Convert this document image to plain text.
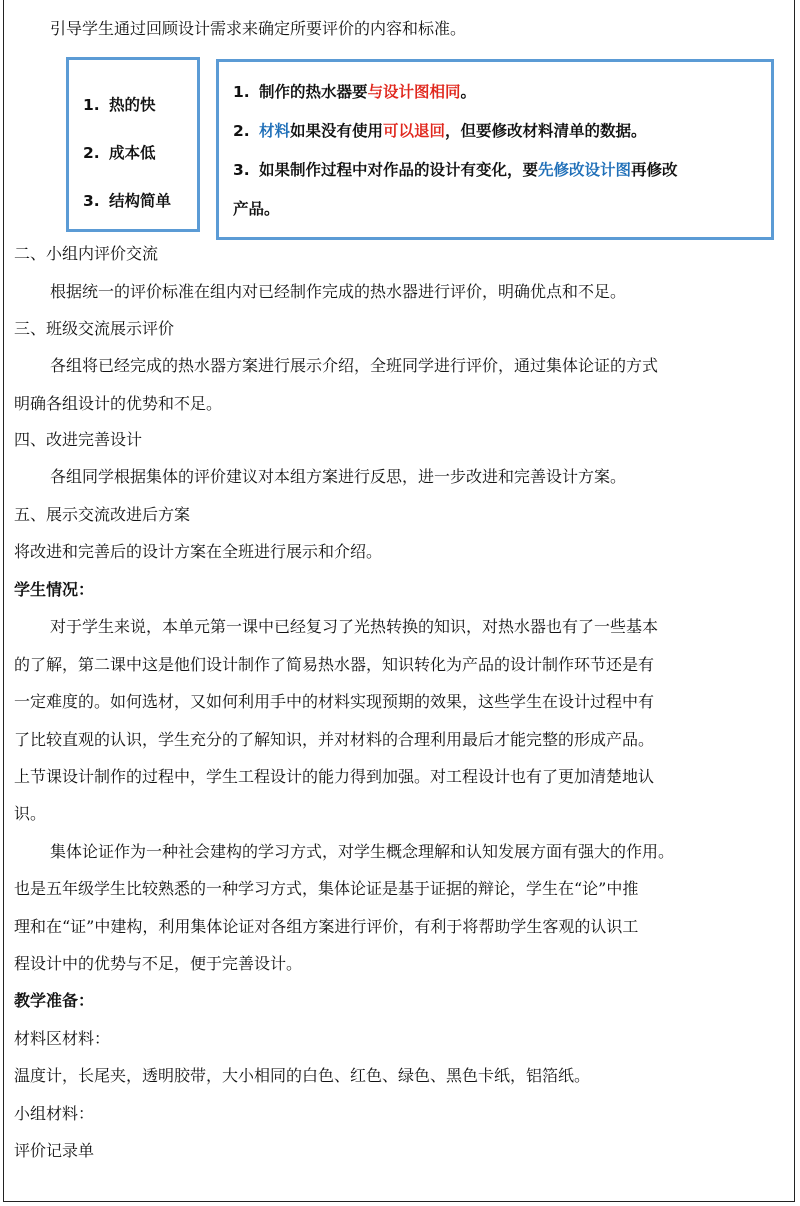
引导学生通过回顾设计需求来确定所要评价的内容和标准。
1. 热的快
2. 成本低
3. 结构简单
1. 制作的热水器要与设计图相同。
2. 材料如果没有使用可以退回，但要修改材料清单的数据。
3. 如果制作过程中对作品的设计有变化，要先修改设计图再修改
产品。
二、小组内评价交流
根据统一的评价标准在组内对已经制作完成的热水器进行评价，明确优点和不足。
三、班级交流展示评价
各组将已经完成的热水器方案进行展示介绍，全班同学进行评价，通过集体论证的方式
明确各组设计的优势和不足。
四、改进完善设计
各组同学根据集体的评价建议对本组方案进行反思，进一步改进和完善设计方案。
五、展示交流改进后方案
将改进和完善后的设计方案在全班进行展示和介绍。
学生情况：
对于学生来说，本单元第一课中已经复习了光热转换的知识，对热水器也有了一些基本
的了解，第二课中这是他们设计制作了简易热水器，知识转化为产品的设计制作环节还是有
一定难度的。如何选材，又如何利用手中的材料实现预期的效果，这些学生在设计过程中有
了比较直观的认识，学生充分的了解知识，并对材料的合理利用最后才能完整的形成产品。
上节课设计制作的过程中，学生工程设计的能力得到加强。对工程设计也有了更加清楚地认
识。
集体论证作为一种社会建构的学习方式，对学生概念理解和认知发展方面有强大的作用。
也是五年级学生比较熟悉的一种学习方式，集体论证是基于证据的辩论，学生在“论”中推
理和在“证”中建构，利用集体论证对各组方案进行评价，有利于将帮助学生客观的认识工
程设计中的优势与不足，便于完善设计。
教学准备：
材料区材料：
温度计，长尾夹，透明胶带，大小相同的白色、红色、绿色、黑色卡纸，铝箔纸。
小组材料：
评价记录单
